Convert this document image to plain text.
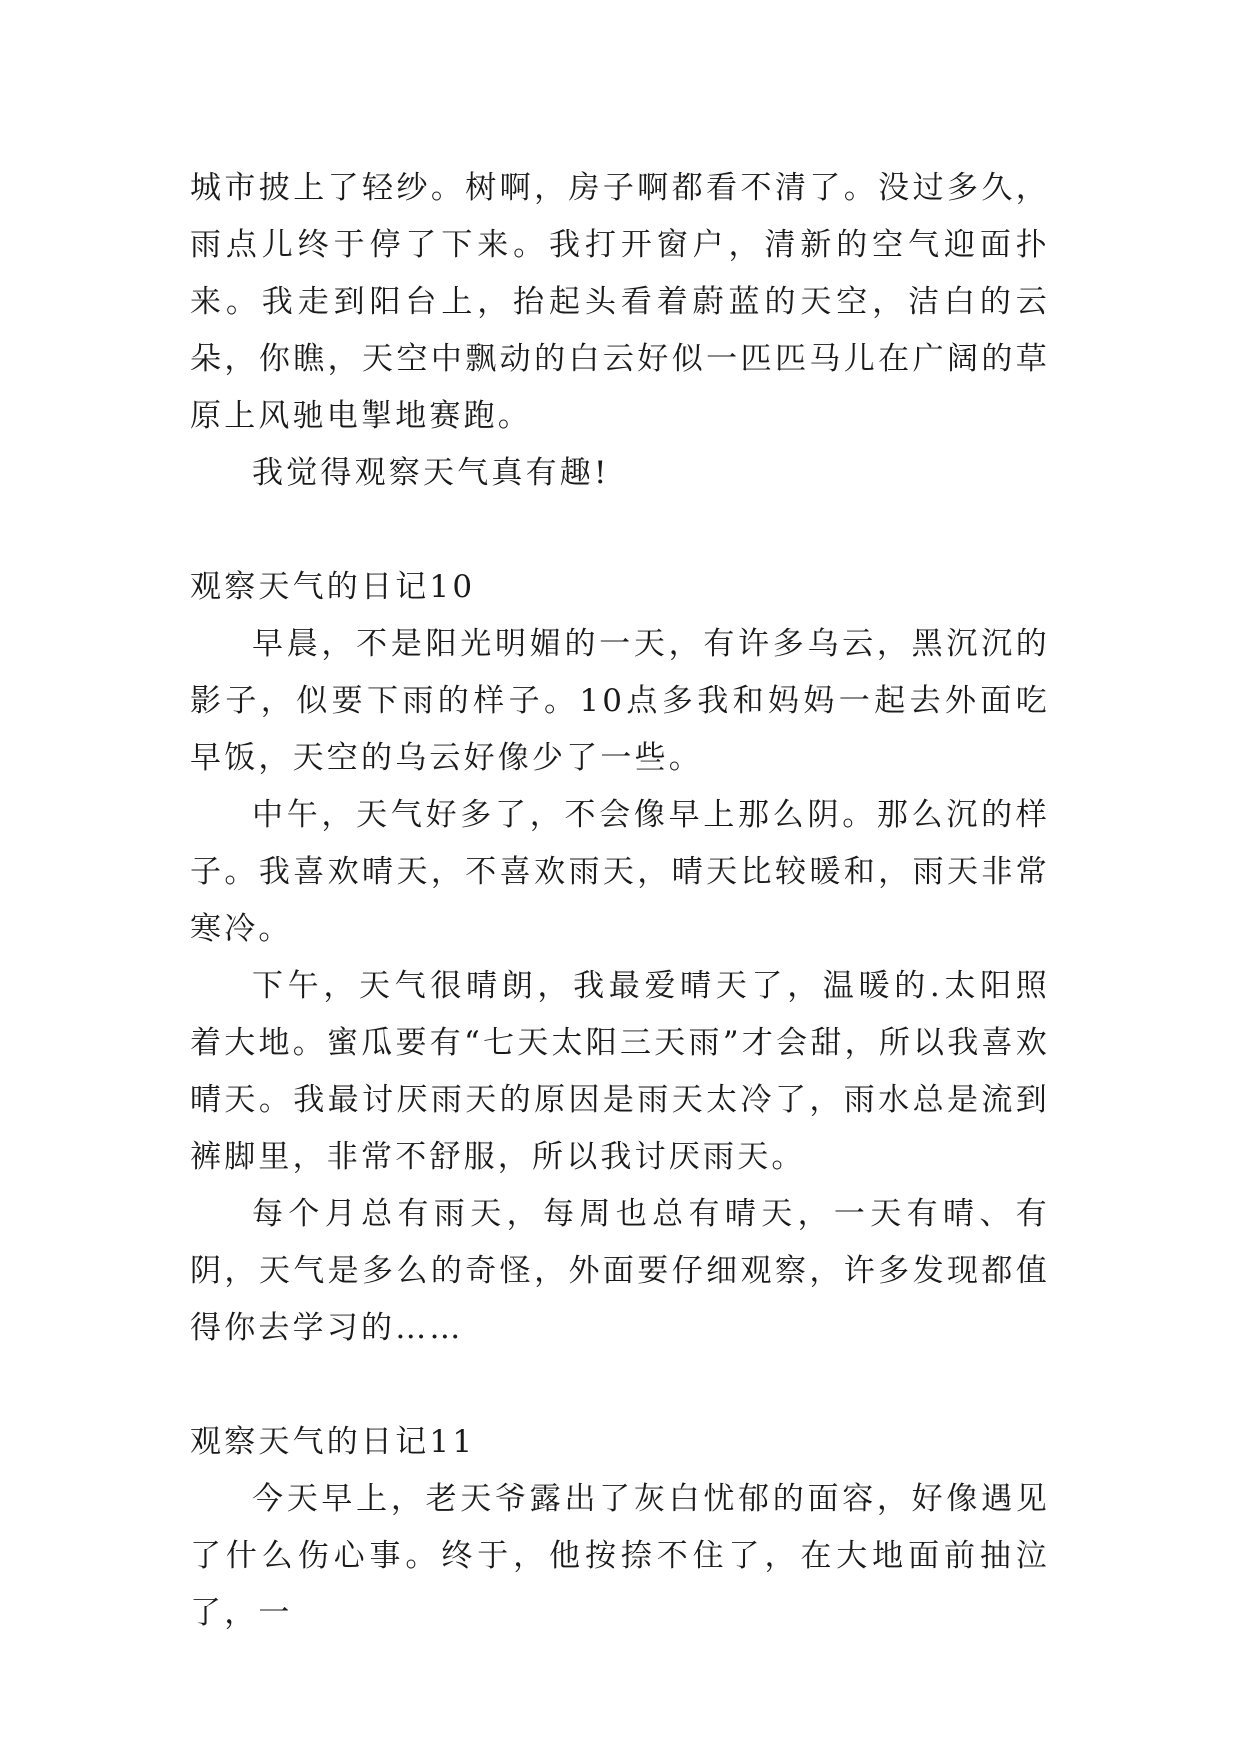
城市披上了轻纱。树啊，房子啊都看不清了。没过多久，雨点儿终于停了下来。我打开窗户，清新的空气迎面扑来。我走到阳台上，抬起头看着蔚蓝的天空，洁白的云朵，你瞧，天空中飘动的白云好似一匹匹马儿在广阔的草原上风驰电掣地赛跑。

我觉得观察天气真有趣!

观察天气的日记10

早晨，不是阳光明媚的一天，有许多乌云，黑沉沉的影子，似要下雨的样子。10点多我和妈妈一起去外面吃早饭，天空的乌云好像少了一些。

中午，天气好多了，不会像早上那么阴。那么沉的样子。我喜欢晴天，不喜欢雨天，晴天比较暖和，雨天非常寒冷。

下午，天气很晴朗，我最爱晴天了，温暖的.太阳照着大地。蜜瓜要有“七天太阳三天雨”才会甜，所以我喜欢晴天。我最讨厌雨天的原因是雨天太冷了，雨水总是流到裤脚里，非常不舒服，所以我讨厌雨天。

每个月总有雨天，每周也总有晴天，一天有晴、有阴，天气是多么的奇怪，外面要仔细观察，许多发现都值得你去学习的……

观察天气的日记11

今天早上，老天爷露出了灰白忧郁的面容，好像遇见了什么伤心事。终于，他按捺不住了，在大地面前抽泣了，一
